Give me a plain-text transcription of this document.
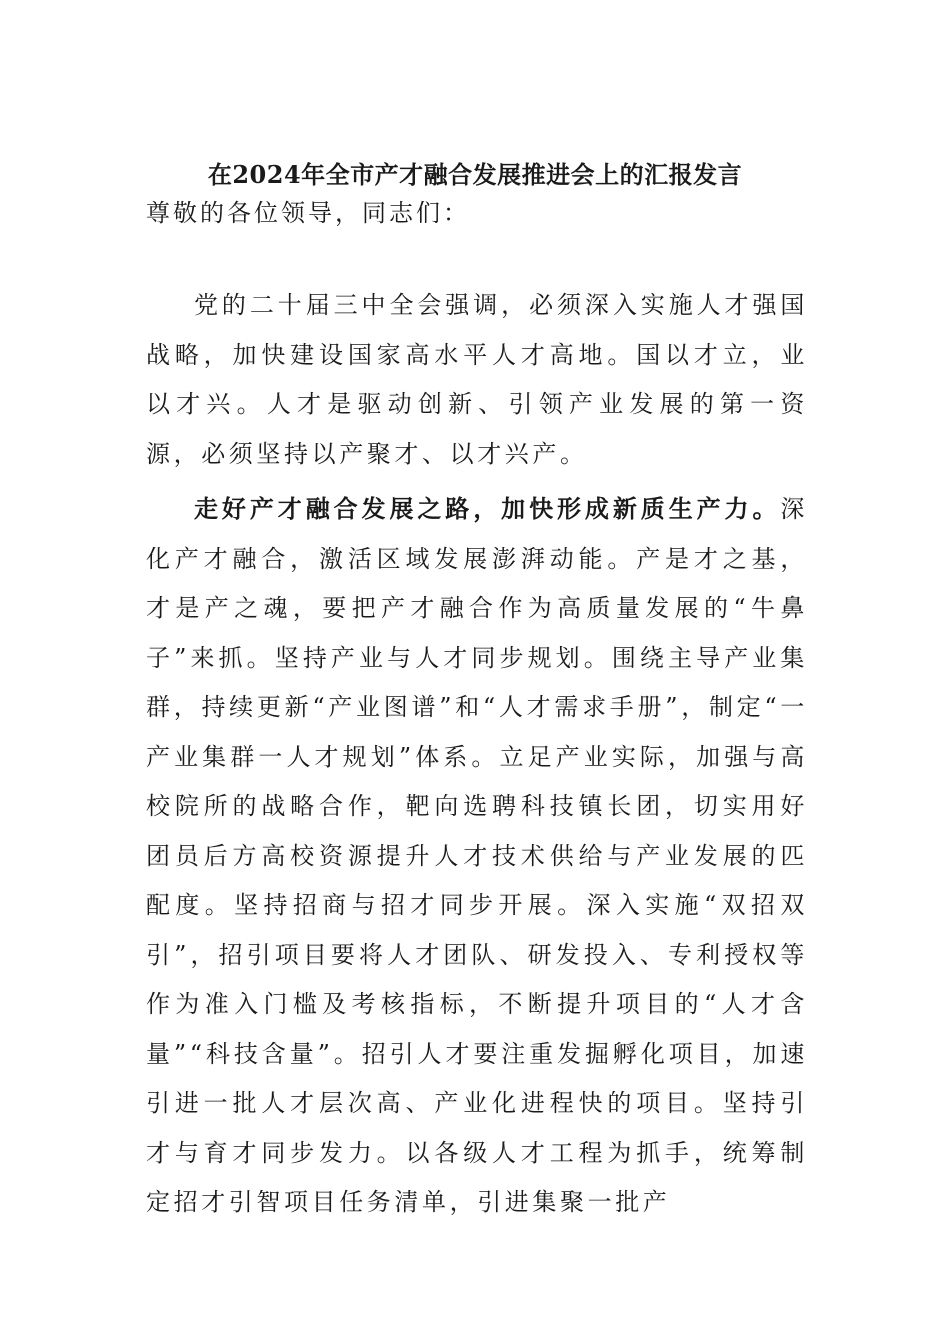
在2024年全市产才融合发展推进会上的汇报发言
尊敬的各位领导，同志们：

党的二十届三中全会强调，必须深入实施人才强国战略，加快建设国家高水平人才高地。国以才立，业以才兴。人才是驱动创新、引领产业发展的第一资源，必须坚持以产聚才、以才兴产。

走好产才融合发展之路，加快形成新质生产力。深化产才融合，激活区域发展澎湃动能。产是才之基，才是产之魂，要把产才融合作为高质量发展的“牛鼻子”来抓。坚持产业与人才同步规划。围绕主导产业集群，持续更新“产业图谱”和“人才需求手册”，制定“一产业集群一人才规划”体系。立足产业实际，加强与高校院所的战略合作，靶向选聘科技镇长团，切实用好团员后方高校资源提升人才技术供给与产业发展的匹配度。坚持招商与招才同步开展。深入实施“双招双引”，招引项目要将人才团队、研发投入、专利授权等作为准入门槛及考核指标，不断提升项目的“人才含量”“科技含量”。招引人才要注重发掘孵化项目，加速引进一批人才层次高、产业化进程快的项目。坚持引才与育才同步发力。以各级人才工程为抓手，统筹制定招才引智项目任务清单，引进集聚一批产
